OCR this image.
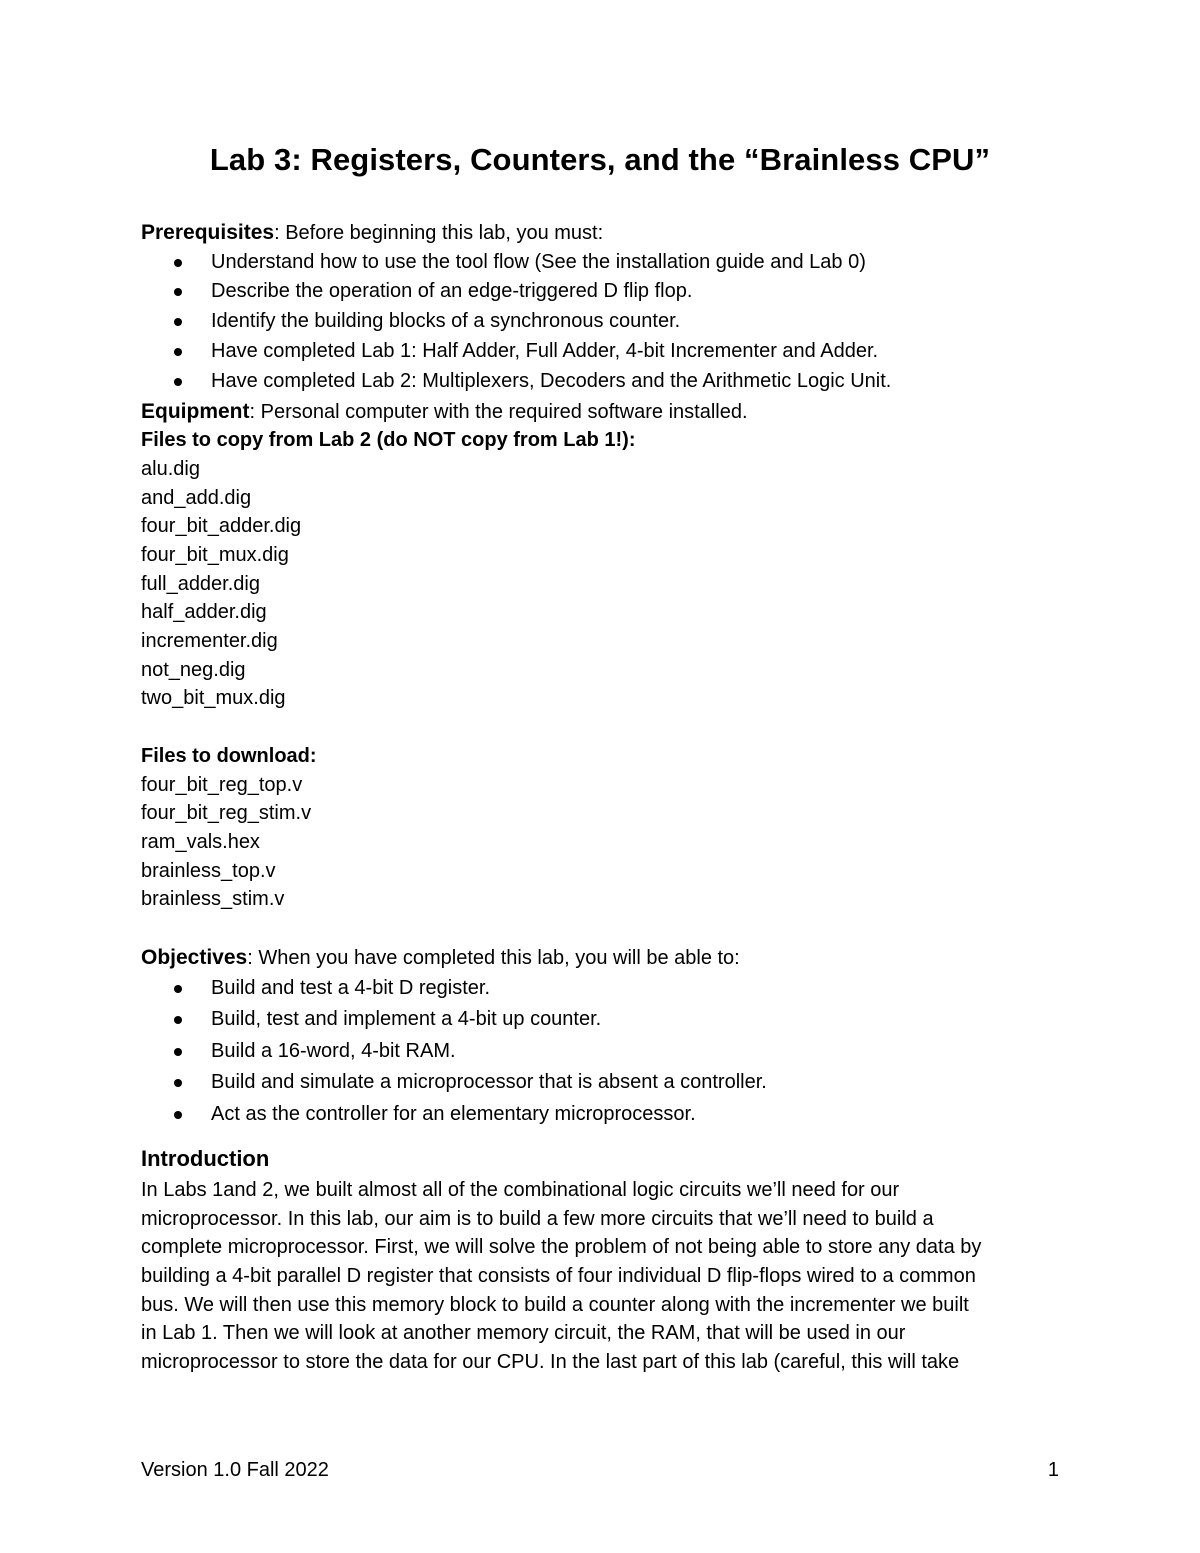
Lab 3: Registers, Counters, and the “Brainless CPU”
Prerequisites: Before beginning this lab, you must:
Understand how to use the tool flow (See the installation guide and Lab 0)
Describe the operation of an edge-triggered D flip flop.
Identify the building blocks of a synchronous counter.
Have completed Lab 1: Half Adder, Full Adder, 4-bit Incrementer and Adder.
Have completed Lab 2: Multiplexers, Decoders and the Arithmetic Logic Unit.
Equipment: Personal computer with the required software installed.
Files to copy from Lab 2 (do NOT copy from Lab 1!):
alu.dig
and_add.dig
four_bit_adder.dig
four_bit_mux.dig
full_adder.dig
half_adder.dig
incrementer.dig
not_neg.dig
two_bit_mux.dig
Files to download:
four_bit_reg_top.v
four_bit_reg_stim.v
ram_vals.hex
brainless_top.v
brainless_stim.v
Objectives: When you have completed this lab, you will be able to:
Build and test a 4-bit D register.
Build, test and implement a 4-bit up counter.
Build a 16-word, 4-bit RAM.
Build and simulate a microprocessor that is absent a controller.
Act as the controller for an elementary microprocessor.
Introduction
In Labs 1and 2, we built almost all of the combinational logic circuits we’ll need for our
microprocessor. In this lab, our aim is to build a few more circuits that we’ll need to build a
complete microprocessor. First, we will solve the problem of not being able to store any data by
building a 4-bit parallel D register that consists of four individual D flip-flops wired to a common
bus. We will then use this memory block to build a counter along with the incrementer we built
in Lab 1. Then we will look at another memory circuit, the RAM, that will be used in our
microprocessor to store the data for our CPU. In the last part of this lab (careful, this will take
Version 1.0 Fall 2022	1
